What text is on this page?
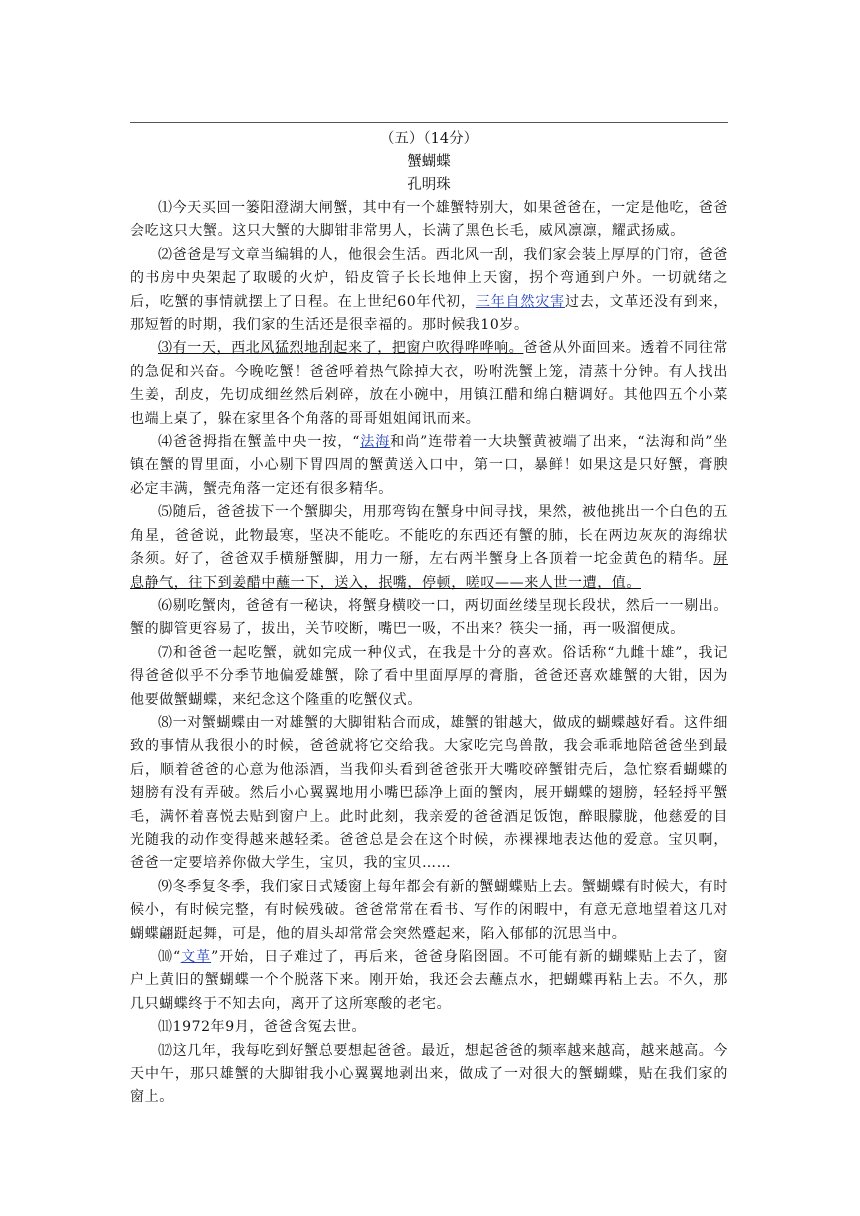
（五）（14分）
蟹蝴蝶
孔明珠

⑴今天买回一篓阳澄湖大闸蟹，其中有一个雄蟹特别大，如果爸爸在，一定是他吃，爸爸会吃这只大蟹。这只大蟹的大脚钳非常男人，长满了黑色长毛，威风凛凛，耀武扬威。

⑵爸爸是写文章当编辑的人，他很会生活。西北风一刮，我们家会装上厚厚的门帘，爸爸的书房中央架起了取暖的火炉，铅皮管子长长地伸上天窗，拐个弯通到户外。一切就绪之后，吃蟹的事情就摆上了日程。在上世纪60年代初，三年自然灾害过去，文革还没有到来，那短暂的时期，我们家的生活还是很幸福的。那时候我10岁。

⑶有一天，西北风猛烈地刮起来了，把窗户吹得哗哗响。爸爸从外面回来。透着不同往常的急促和兴奋。今晚吃蟹！爸爸呼着热气除掉大衣，吩咐洗蟹上笼，清蒸十分钟。有人找出生姜，刮皮，先切成细丝然后剁碎，放在小碗中，用镇江醋和绵白糖调好。其他四五个小菜也端上桌了，躲在家里各个角落的哥哥姐姐闻讯而来。

⑷爸爸拇指在蟹盖中央一按，“法海和尚”连带着一大块蟹黄被端了出来，“法海和尚”坐镇在蟹的胃里面，小心剔下胃四周的蟹黄送入口中，第一口，暴鲜！如果这是只好蟹，膏腴必定丰满，蟹壳角落一定还有很多精华。

⑸随后，爸爸拔下一个蟹脚尖，用那弯钩在蟹身中间寻找，果然，被他挑出一个白色的五角星，爸爸说，此物最寒，坚决不能吃。不能吃的东西还有蟹的肺，长在两边灰灰的海绵状条须。好了，爸爸双手横掰蟹脚，用力一掰，左右两半蟹身上各顶着一坨金黄色的精华。屏息静气，往下到姜醋中蘸一下，送入，抿嘴，停顿，嗟叹——来人世一遭，值。

⑹剔吃蟹肉，爸爸有一秘诀，将蟹身横咬一口，两切面丝缕呈现长段状，然后一一剔出。蟹的脚管更容易了，拔出，关节咬断，嘴巴一吸，不出来？筷尖一捅，再一吸溜便成。

⑺和爸爸一起吃蟹，就如完成一种仪式，在我是十分的喜欢。俗话称“九雌十雄”，我记得爸爸似乎不分季节地偏爱雄蟹，除了看中里面厚厚的膏脂，爸爸还喜欢雄蟹的大钳，因为他要做蟹蝴蝶，来纪念这个隆重的吃蟹仪式。

⑻一对蟹蝴蝶由一对雄蟹的大脚钳粘合而成，雄蟹的钳越大，做成的蝴蝶越好看。这件细致的事情从我很小的时候，爸爸就将它交给我。大家吃完鸟兽散，我会乖乖地陪爸爸坐到最后，顺着爸爸的心意为他添酒，当我仰头看到爸爸张开大嘴咬碎蟹钳壳后，急忙察看蝴蝶的翅膀有没有弄破。然后小心翼翼地用小嘴巴舔净上面的蟹肉，展开蝴蝶的翅膀，轻轻捋平蟹毛，满怀着喜悦去贴到窗户上。此时此刻，我亲爱的爸爸酒足饭饱，醉眼朦胧，他慈爱的目光随我的动作变得越来越轻柔。爸爸总是会在这个时候，赤裸裸地表达他的爱意。宝贝啊，爸爸一定要培养你做大学生，宝贝，我的宝贝……

⑼冬季复冬季，我们家日式矮窗上每年都会有新的蟹蝴蝶贴上去。蟹蝴蝶有时候大，有时候小，有时候完整，有时候残破。爸爸常常在看书、写作的闲暇中，有意无意地望着这几对蝴蝶翩跹起舞，可是，他的眉头却常常会突然蹙起来，陷入郁郁的沉思当中。

⑽“文革”开始，日子难过了，再后来，爸爸身陷囹圄。不可能有新的蝴蝶贴上去了，窗户上黄旧的蟹蝴蝶一个个脱落下来。刚开始，我还会去蘸点水，把蝴蝶再粘上去。不久，那几只蝴蝶终于不知去向，离开了这所寒酸的老宅。

⑾1972年9月，爸爸含冤去世。

⑿这几年，我每吃到好蟹总要想起爸爸。最近，想起爸爸的频率越来越高，越来越高。今天中午，那只雄蟹的大脚钳我小心翼翼地剥出来，做成了一对很大的蟹蝴蝶，贴在我们家的窗上。
